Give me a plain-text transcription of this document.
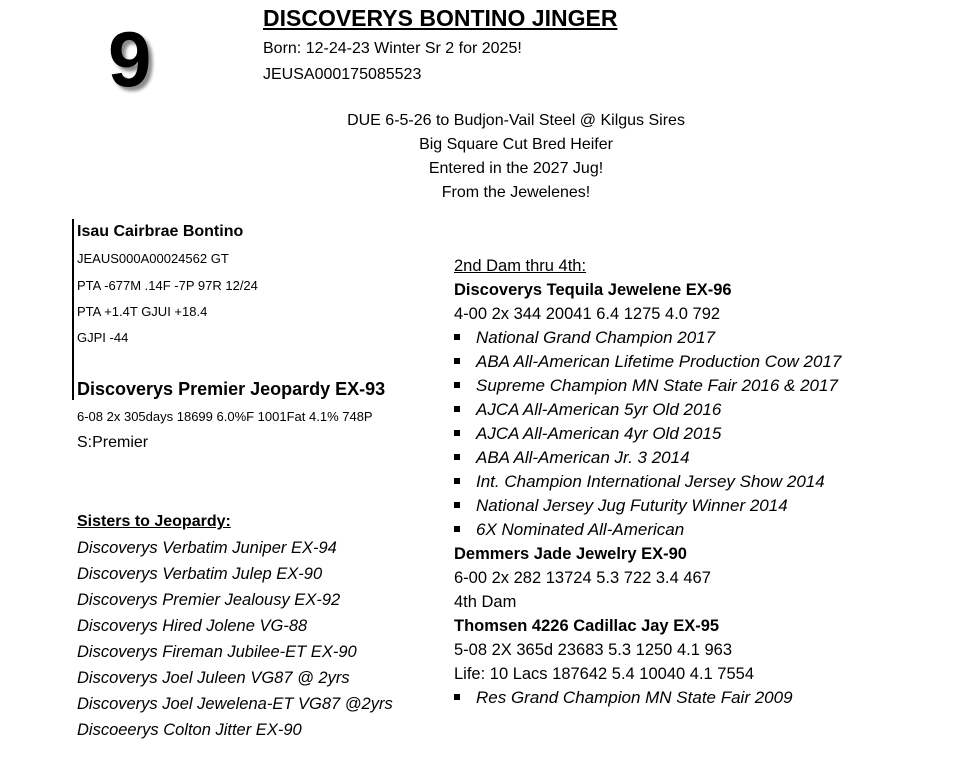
9	DISCOVERYS BONTINO JINGER
Born: 12-24-23 Winter Sr 2 for 2025!
JEUSA000175085523
DUE 6-5-26 to Budjon-Vail Steel @ Kilgus Sires
Big Square Cut Bred Heifer
Entered in the 2027 Jug!
From the Jewelenes!
Isau Cairbrae Bontino
JEAUS000A00024562 GT
PTA -677M .14F -7P 97R 12/24
PTA +1.4T GJUI +18.4
GJPI -44
Discoverys Premier Jeopardy EX-93
6-08 2x 305days 18699 6.0%F 1001Fat 4.1% 748P
S:Premier
Sisters to Jeopardy:
Discoverys Verbatim Juniper EX-94
Discoverys Verbatim Julep EX-90
Discoverys Premier Jealousy EX-92
Discoverys Hired Jolene VG-88
Discoverys Fireman Jubilee-ET EX-90
Discoverys Joel Juleen VG87 @ 2yrs
Discoverys Joel Jewelena-ET VG87 @2yrs
Discoeerys Colton Jitter EX-90
2nd Dam thru 4th:
Discoverys Tequila Jewelene EX-96
4-00 2x 344 20041 6.4 1275 4.0 792
National Grand Champion 2017
ABA All-American Lifetime Production Cow 2017
Supreme Champion MN State Fair 2016 & 2017
AJCA All-American 5yr Old 2016
AJCA All-American 4yr Old 2015
ABA All-American Jr. 3 2014
Int. Champion International Jersey Show 2014
National Jersey Jug Futurity Winner 2014
6X Nominated All-American
Demmers Jade Jewelry EX-90
6-00 2x 282 13724 5.3 722 3.4 467
4th Dam
Thomsen 4226 Cadillac Jay EX-95
5-08 2X 365d 23683 5.3 1250 4.1 963
Life: 10 Lacs 187642 5.4 10040 4.1 7554
Res Grand Champion MN State Fair 2009
